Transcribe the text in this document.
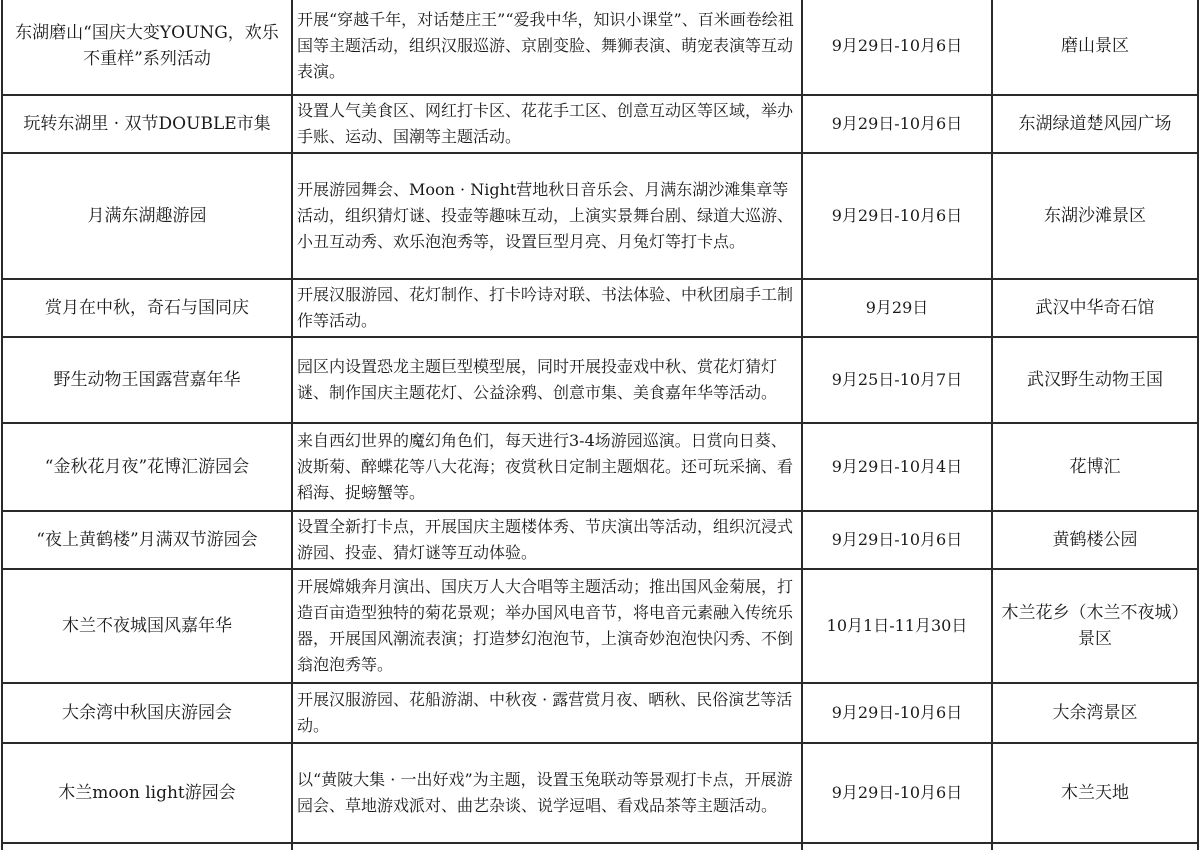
东湖磨山“国庆大变YOUNG，欢乐不重样”系列活动	开展“穿越千年，对话楚庄王”“爱我中华，知识小课堂”、百米画卷绘祖国等主题活动，组织汉服巡游、京剧变脸、舞狮表演、萌宠表演等互动表演。	9月29日-10月6日	磨山景区

玩转东湖里 · 双节DOUBLE市集	设置人气美食区、网红打卡区、花花手工区、创意互动区等区域，举办手账、运动、国潮等主题活动。	9月29日-10月6日	东湖绿道楚风园广场

月满东湖趣游园	开展游园舞会、Moon · Night营地秋日音乐会、月满东湖沙滩集章等活动，组织猜灯谜、投壶等趣味互动，上演实景舞台剧、绿道大巡游、小丑互动秀、欢乐泡泡秀等，设置巨型月亮、月兔灯等打卡点。	9月29日-10月6日	东湖沙滩景区

赏月在中秋，奇石与国同庆	开展汉服游园、花灯制作、打卡吟诗对联、书法体验、中秋团扇手工制作等活动。	9月29日	武汉中华奇石馆

野生动物王国露营嘉年华	园区内设置恐龙主题巨型模型展，同时开展投壶戏中秋、赏花灯猜灯谜、制作国庆主题花灯、公益涂鸦、创意市集、美食嘉年华等活动。	9月25日-10月7日	武汉野生动物王国

“金秋花月夜”花博汇游园会	来自西幻世界的魔幻角色们，每天进行3-4场游园巡演。日赏向日葵、波斯菊、醉蝶花等八大花海；夜赏秋日定制主题烟花。还可玩采摘、看稻海、捉螃蟹等。	9月29日-10月4日	花博汇

“夜上黄鹤楼”月满双节游园会	设置全新打卡点，开展国庆主题楼体秀、节庆演出等活动，组织沉浸式游园、投壶、猜灯谜等互动体验。	9月29日-10月6日	黄鹤楼公园

木兰不夜城国风嘉年华	开展嫦娥奔月演出、国庆万人大合唱等主题活动；推出国风金菊展，打造百亩造型独特的菊花景观；举办国风电音节，将电音元素融入传统乐器，开展国风潮流表演；打造梦幻泡泡节，上演奇妙泡泡快闪秀、不倒翁泡泡秀等。	10月1日-11月30日	木兰花乡（木兰不夜城）景区

大余湾中秋国庆游园会	开展汉服游园、花船游湖、中秋夜 · 露营赏月夜、晒秋、民俗演艺等活动。	9月29日-10月6日	大余湾景区

木兰moon light游园会	以“黄陂大集 · 一出好戏”为主题，设置玉兔联动等景观打卡点，开展游园会、草地游戏派对、曲艺杂谈、说学逗唱、看戏品茶等主题活动。	9月29日-10月6日	木兰天地
